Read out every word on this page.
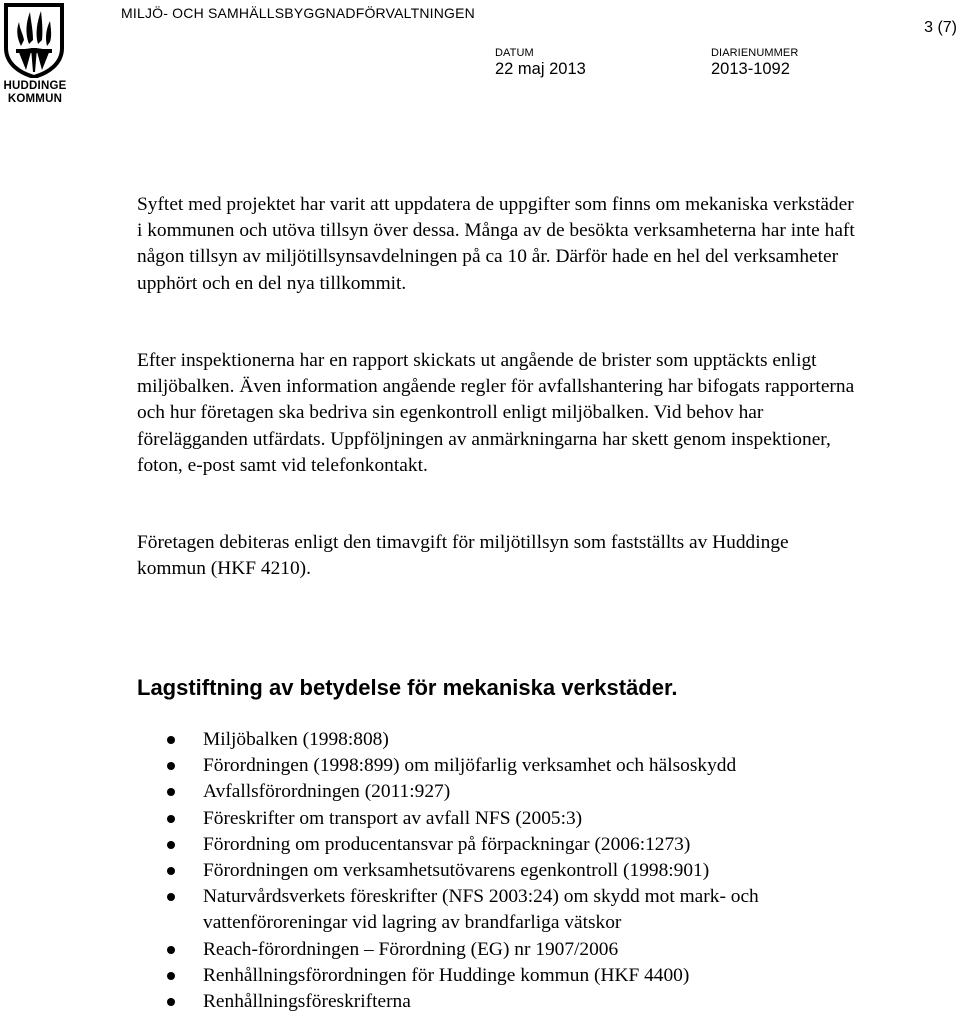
HUDDINGE
KOMMUN
MILJÖ- OCH SAMHÄLLSBYGGNADFÖRVALTNINGEN
3 (7)
DATUM
22 maj 2013
DIARIENUMMER
2013-1092

Syftet med projektet har varit att uppdatera de uppgifter som finns om mekaniska verkstäder i kommunen och utöva tillsyn över dessa. Många av de besökta verksamheterna har inte haft någon tillsyn av miljötillsynsavdelningen på ca 10 år. Därför hade en hel del verksamheter upphört och en del nya tillkommit.

Efter inspektionerna har en rapport skickats ut angående de brister som upptäckts enligt miljöbalken. Även information angående regler för avfallshantering har bifogats rapporterna och hur företagen ska bedriva sin egenkontroll enligt miljöbalken. Vid behov har förelägganden utfärdats. Uppföljningen av anmärkningarna har skett genom inspektioner, foton, e-post samt vid telefonkontakt.

Företagen debiteras enligt den timavgift för miljötillsyn som fastställts av Huddinge kommun (HKF 4210).

Lagstiftning av betydelse för mekaniska verkstäder.
Miljöbalken (1998:808)
Förordningen (1998:899) om miljöfarlig verksamhet och hälsoskydd
Avfallsförordningen (2011:927)
Föreskrifter om transport av avfall NFS (2005:3)
Förordning om producentansvar på förpackningar (2006:1273)
Förordningen om verksamhetsutövarens egenkontroll (1998:901)
Naturvårdsverkets föreskrifter (NFS 2003:24) om skydd mot mark- och vattenföroreningar vid lagring av brandfarliga vätskor
Reach-förordningen – Förordning (EG) nr 1907/2006
Renhållningsförordningen för Huddinge kommun (HKF 4400)
Renhållningsföreskrifterna
